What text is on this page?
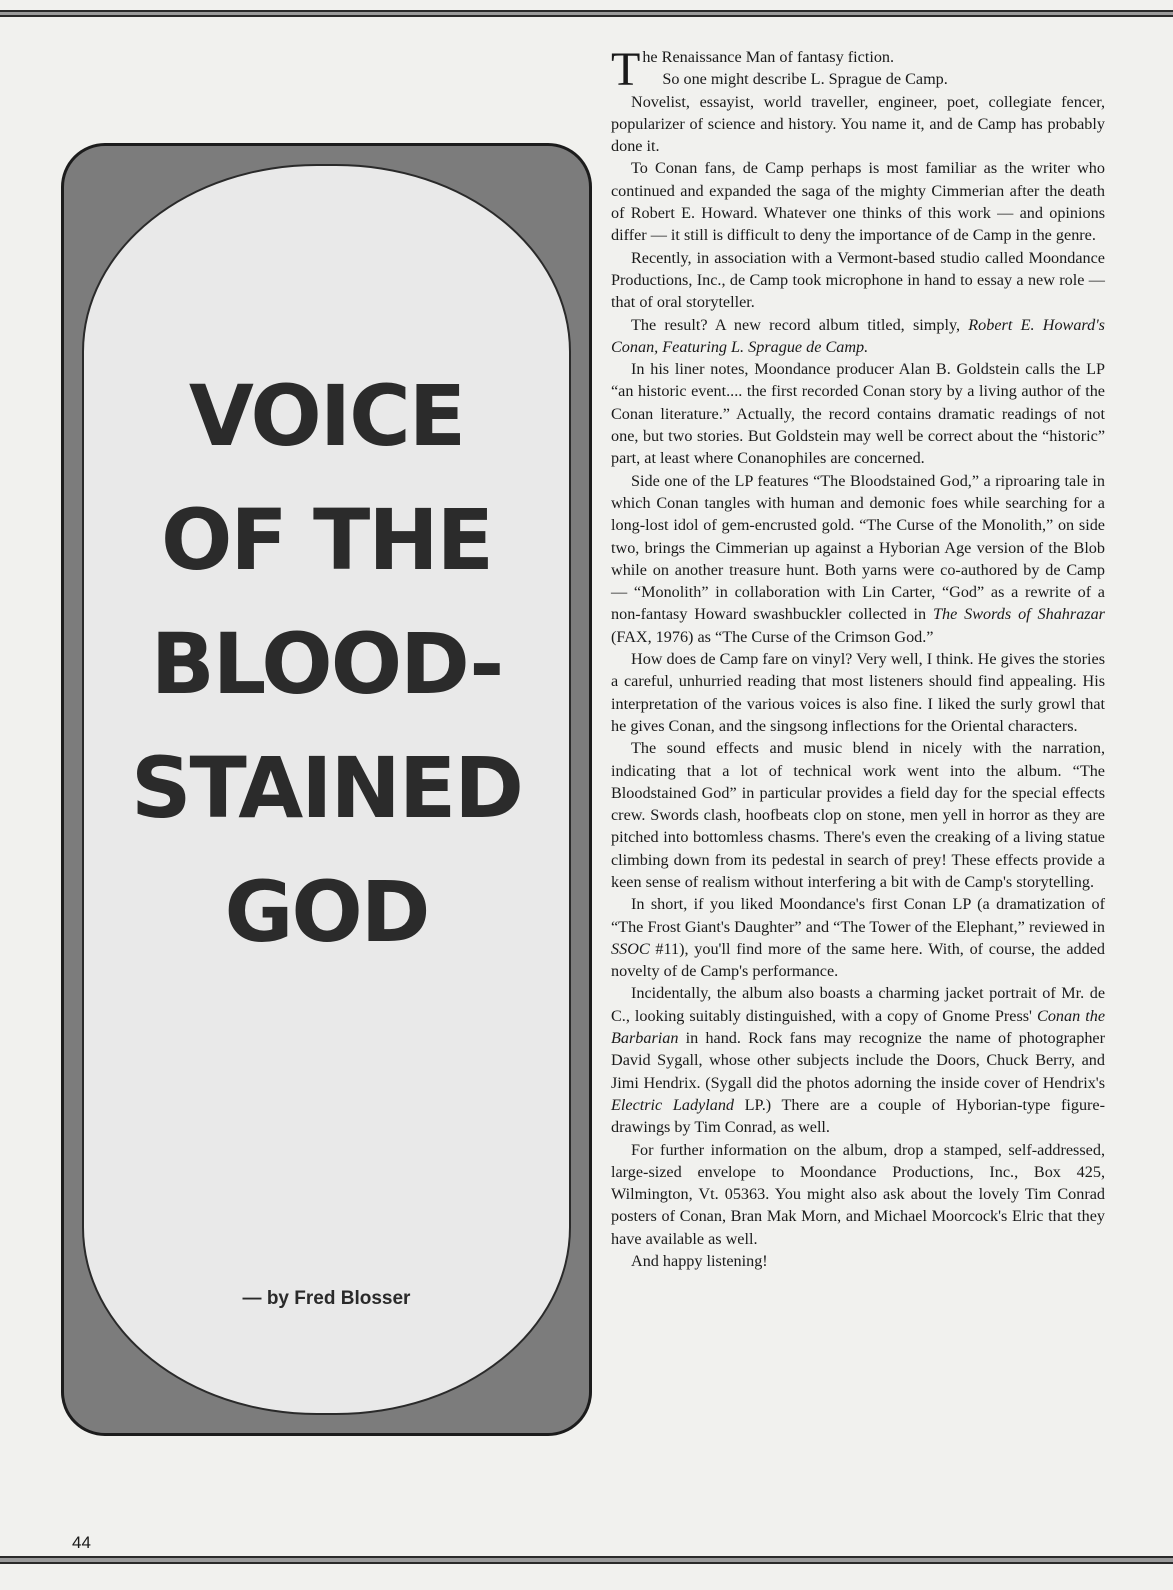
VOICE
OF THE
BLOOD-
STAINED
GOD
— by Fred Blosser

The Renaissance Man of fantasy fiction.

So one might describe L. Sprague de Camp.

Novelist, essayist, world traveller, engineer, poet, collegiate fencer, popularizer of science and history. You name it, and de Camp has probably done it.

To Conan fans, de Camp perhaps is most familiar as the writer who continued and expanded the saga of the mighty Cimmerian after the death of Robert E. Howard. Whatever one thinks of this work — and opinions differ — it still is difficult to deny the importance of de Camp in the genre.

Recently, in association with a Vermont-based studio called Moondance Productions, Inc., de Camp took microphone in hand to essay a new role — that of oral storyteller.

The result? A new record album titled, simply, Robert E. Howard's Conan, Featuring L. Sprague de Camp.

In his liner notes, Moondance producer Alan B. Goldstein calls the LP “an historic event.... the first recorded Conan story by a living author of the Conan literature.” Actually, the record contains dramatic readings of not one, but two stories. But Goldstein may well be correct about the “historic” part, at least where Conanophiles are concerned.

Side one of the LP features “The Bloodstained God,” a riproaring tale in which Conan tangles with human and demonic foes while searching for a long-lost idol of gem-encrusted gold. “The Curse of the Monolith,” on side two, brings the Cimmerian up against a Hyborian Age version of the Blob while on another treasure hunt. Both yarns were co-authored by de Camp — “Monolith” in collaboration with Lin Carter, “God” as a rewrite of a non-fantasy Howard swashbuckler collected in The Swords of Shahrazar (FAX, 1976) as “The Curse of the Crimson God.”

How does de Camp fare on vinyl? Very well, I think. He gives the stories a careful, unhurried reading that most listeners should find appealing. His interpretation of the various voices is also fine. I liked the surly growl that he gives Conan, and the singsong inflections for the Oriental characters.

The sound effects and music blend in nicely with the narration, indicating that a lot of technical work went into the album. “The Bloodstained God” in particular provides a field day for the special effects crew. Swords clash, hoofbeats clop on stone, men yell in horror as they are pitched into bottomless chasms. There's even the creaking of a living statue climbing down from its pedestal in search of prey! These effects provide a keen sense of realism without interfering a bit with de Camp's storytelling.

In short, if you liked Moondance's first Conan LP (a dramatization of “The Frost Giant's Daughter” and “The Tower of the Elephant,” reviewed in SSOC #11), you'll find more of the same here. With, of course, the added novelty of de Camp's performance.

Incidentally, the album also boasts a charming jacket portrait of Mr. de C., looking suitably distinguished, with a copy of Gnome Press' Conan the Barbarian in hand. Rock fans may recognize the name of photographer David Sygall, whose other subjects include the Doors, Chuck Berry, and Jimi Hendrix. (Sygall did the photos adorning the inside cover of Hendrix's Electric Ladyland LP.) There are a couple of Hyborian-type figure-drawings by Tim Conrad, as well.

For further information on the album, drop a stamped, self-addressed, large-sized envelope to Moondance Productions, Inc., Box 425, Wilmington, Vt. 05363. You might also ask about the lovely Tim Conrad posters of Conan, Bran Mak Morn, and Michael Moorcock's Elric that they have available as well.

And happy listening!

44
